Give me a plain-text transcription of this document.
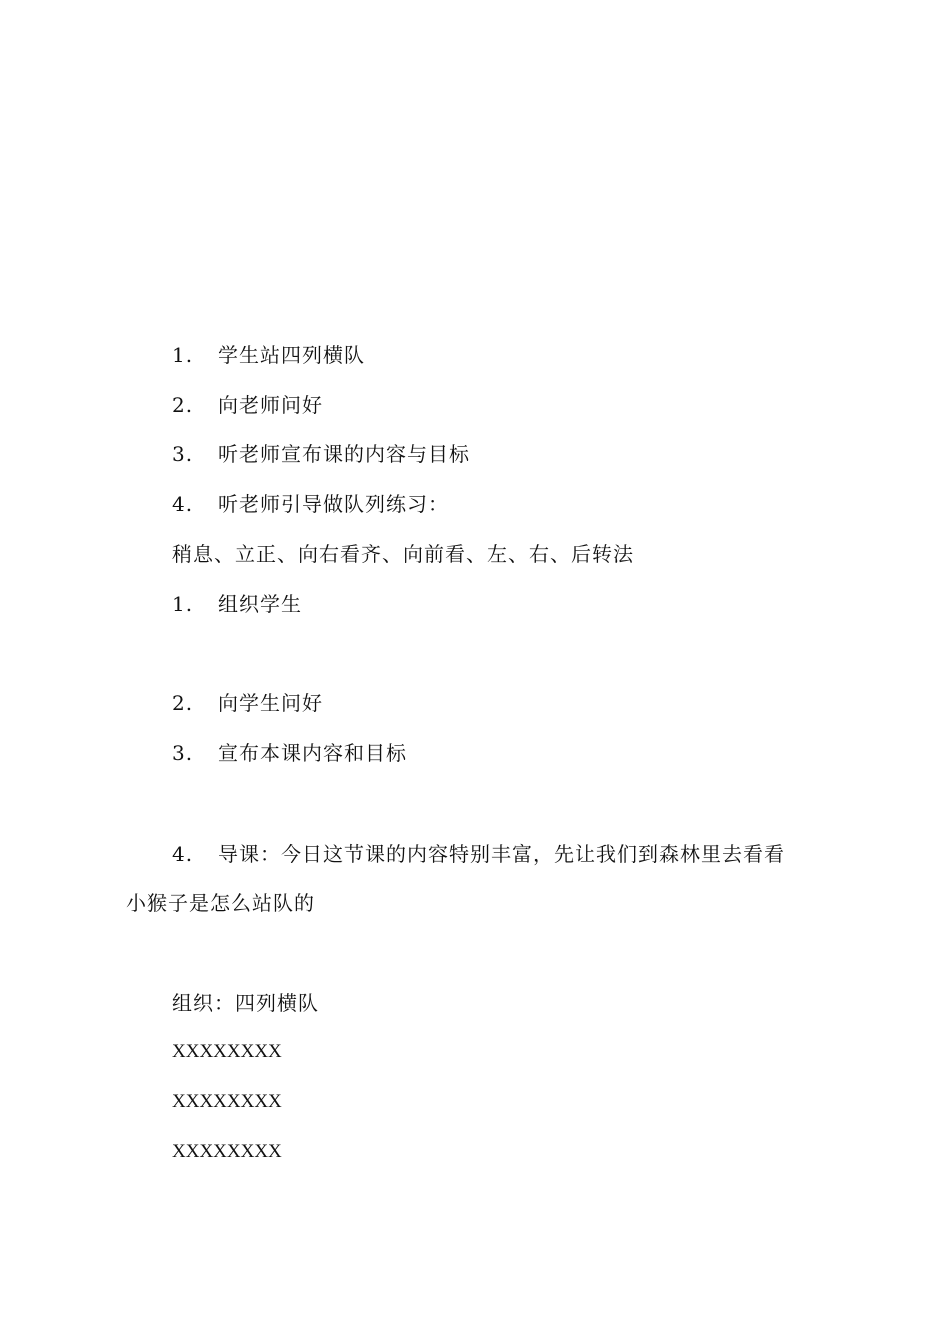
1. 学生站四列横队
2. 向老师问好
3. 听老师宣布课的内容与目标
4. 听老师引导做队列练习：
稍息、立正、向右看齐、向前看、左、右、后转法
1. 组织学生
2. 向学生问好
3. 宣布本课内容和目标
4. 导课：今日这节课的内容特别丰富，先让我们到森林里去看看
小猴子是怎么站队的
组织：四列横队
XXXXXXXX
XXXXXXXX
XXXXXXXX
